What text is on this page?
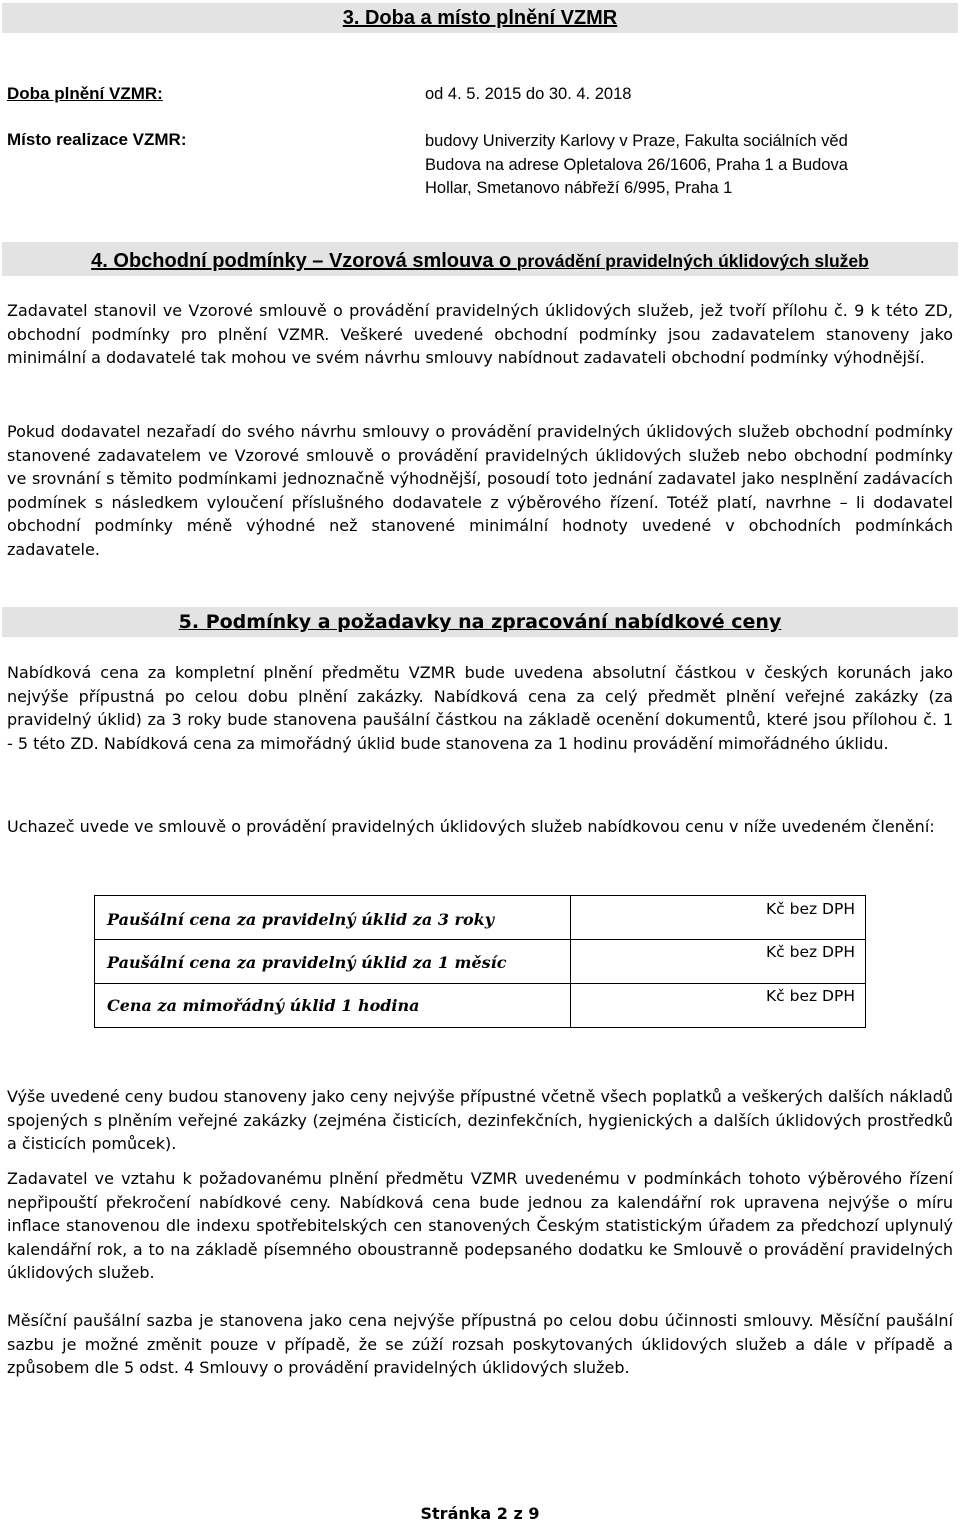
3. Doba a místo plnění VZMR
Doba plnění VZMR:	od 4. 5. 2015 do 30. 4. 2018
Místo realizace VZMR:	budovy Univerzity Karlovy v Praze, Fakulta sociálních věd
Budova na adrese Opletalova 26/1606, Praha 1 a Budova
Hollar, Smetanovo nábřeží 6/995, Praha 1
4. Obchodní podmínky – Vzorová smlouva o provádění pravidelných úklidových služeb
Zadavatel stanovil ve Vzorové smlouvě o provádění pravidelných úklidových služeb, jež tvoří přílohu č. 9 k této ZD, obchodní podmínky pro plnění VZMR. Veškeré uvedené obchodní podmínky jsou zadavatelem stanoveny jako minimální a dodavatelé tak mohou ve svém návrhu smlouvy nabídnout zadavateli obchodní podmínky výhodnější.
Pokud dodavatel nezařadí do svého návrhu smlouvy o provádění pravidelných úklidových služeb obchodní podmínky stanovené zadavatelem ve Vzorové smlouvě o provádění pravidelných úklidových služeb nebo obchodní podmínky ve srovnání s těmito podmínkami jednoznačně výhodnější, posoudí toto jednání zadavatel jako nesplnění zadávacích podmínek s následkem vyloučení příslušného dodavatele z výběrového řízení. Totéž platí, navrhne – li dodavatel obchodní podmínky méně výhodné než stanovené minimální hodnoty uvedené v obchodních podmínkách zadavatele.
5. Podmínky a požadavky na zpracování nabídkové ceny
Nabídková cena za kompletní plnění předmětu VZMR bude uvedena absolutní částkou v českých korunách jako nejvýše přípustná po celou dobu plnění zakázky. Nabídková cena za celý předmět plnění veřejné zakázky (za pravidelný úklid) za 3 roky bude stanovena paušální částkou na základě ocenění dokumentů, které jsou přílohou č. 1 - 5 této ZD. Nabídková cena za mimořádný úklid bude stanovena za 1 hodinu provádění mimořádného úklidu.
Uchazeč uvede ve smlouvě o provádění pravidelných úklidových služeb nabídkovou cenu v níže uvedeném členění:
Paušální cena za pravidelný úklid za 3 roky	Kč bez DPH
Paušální cena za pravidelný úklid za 1 měsíc	Kč bez DPH
Cena za mimořádný úklid 1 hodina	Kč bez DPH
Výše uvedené ceny budou stanoveny jako ceny nejvýše přípustné včetně všech poplatků a veškerých dalších nákladů spojených s plněním veřejné zakázky (zejména čisticích, dezinfekčních, hygienických a dalších úklidových prostředků a čisticích pomůcek).
Zadavatel ve vztahu k požadovanému plnění předmětu VZMR uvedenému v podmínkách tohoto výběrového řízení nepřipouští překročení nabídkové ceny. Nabídková cena bude jednou za kalendářní rok upravena nejvýše o míru inflace stanovenou dle indexu spotřebitelských cen stanovených Českým statistickým úřadem za předchozí uplynulý kalendářní rok, a to na základě písemného oboustranně podepsaného dodatku ke Smlouvě o provádění pravidelných úklidových služeb.
Měsíční paušální sazba je stanovena jako cena nejvýše přípustná po celou dobu účinnosti smlouvy. Měsíční paušální sazbu je možné změnit pouze v případě, že se zúží rozsah poskytovaných úklidových služeb a dále v případě a způsobem dle 5 odst. 4 Smlouvy o provádění pravidelných úklidových služeb.
Stránka 2 z 9
